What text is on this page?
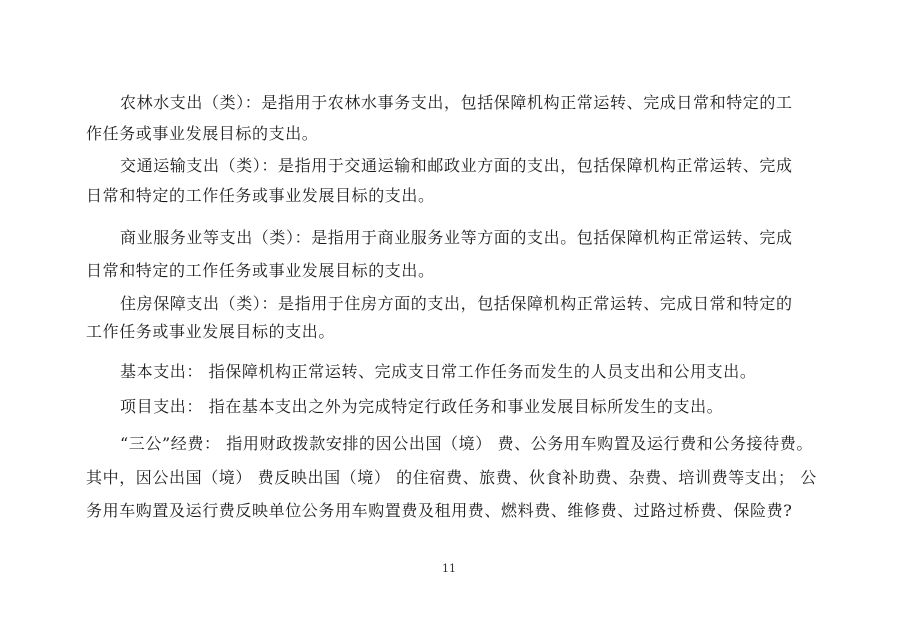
农林水支出（类）：是指用于农林水事务支出，包括保障机构正常运转、完成日常和特定的工
作任务或事业发展目标的支出。
交通运输支出（类）：是指用于交通运输和邮政业方面的支出，包括保障机构正常运转、完成
日常和特定的工作任务或事业发展目标的支出。
商业服务业等支出（类）：是指用于商业服务业等方面的支出。包括保障机构正常运转、完成
日常和特定的工作任务或事业发展目标的支出。
住房保障支出（类）：是指用于住房方面的支出，包括保障机构正常运转、完成日常和特定的
工作任务或事业发展目标的支出。
基本支出： 指保障机构正常运转、完成支日常工作任务而发生的人员支出和公用支出。
项目支出： 指在基本支出之外为完成特定行政任务和事业发展目标所发生的支出。
“三公”经费： 指用财政拨款安排的因公出国（境） 费、公务用车购置及运行费和公务接待费。
其中，因公出国（境） 费反映出国（境） 的住宿费、旅费、伙食补助费、杂费、培训费等支出； 公
务用车购置及运行费反映单位公务用车购置费及租用费、燃料费、维修费、过路过桥费、保险费?
11
